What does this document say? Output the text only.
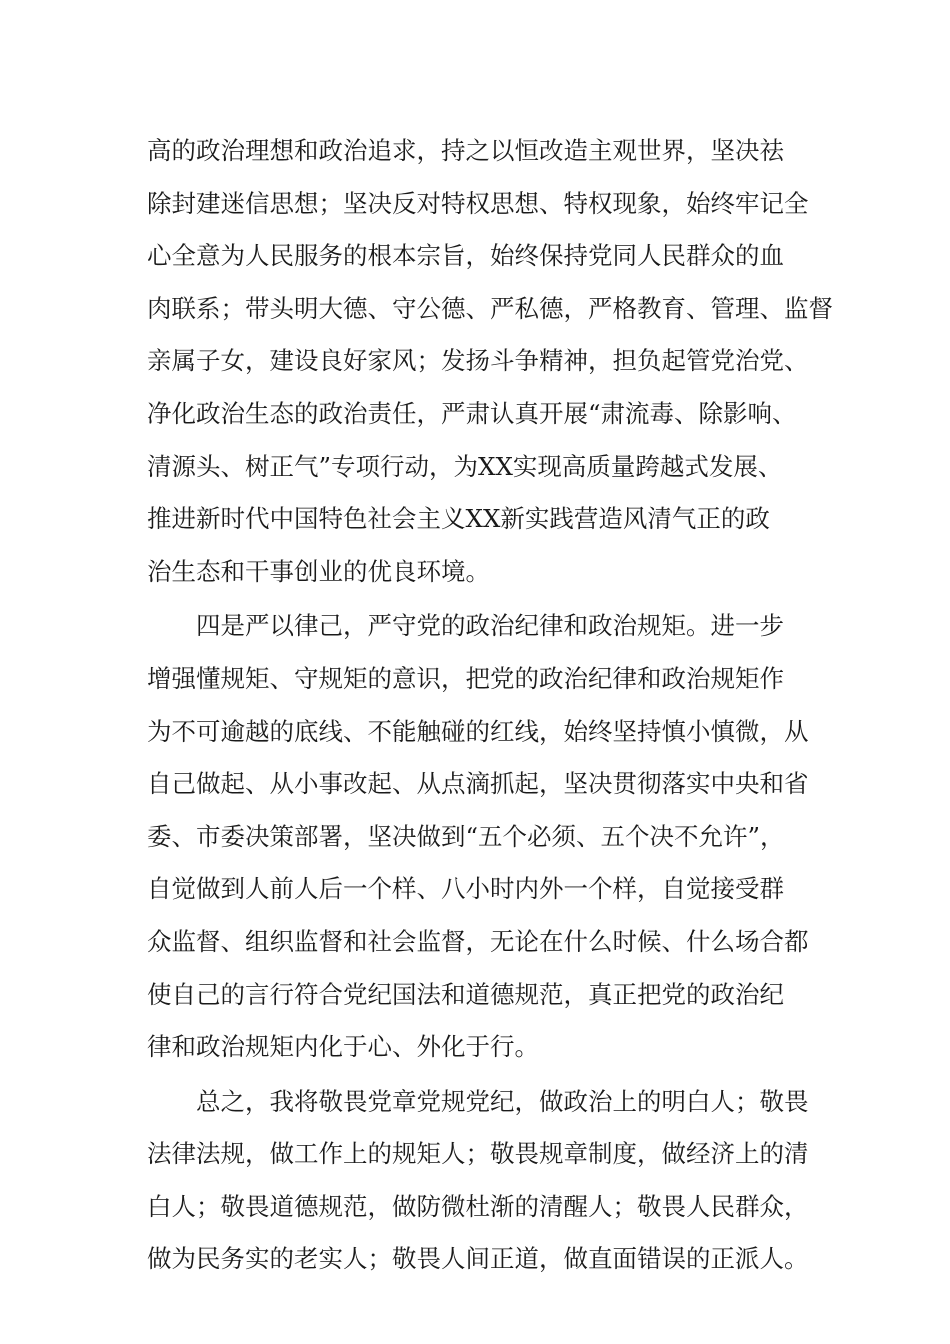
高的政治理想和政治追求，持之以恒改造主观世界，坚决祛
除封建迷信思想；坚决反对特权思想、特权现象，始终牢记全
心全意为人民服务的根本宗旨，始终保持党同人民群众的血
肉联系；带头明大德、守公德、严私德，严格教育、管理、监督
亲属子女，建设良好家风；发扬斗争精神，担负起管党治党、
净化政治生态的政治责任，严肃认真开展“肃流毒、除影响、
清源头、树正气”专项行动，为XX实现高质量跨越式发展、
推进新时代中国特色社会主义XX新实践营造风清气正的政
治生态和干事创业的优良环境。
四是严以律己，严守党的政治纪律和政治规矩。进一步
增强懂规矩、守规矩的意识，把党的政治纪律和政治规矩作
为不可逾越的底线、不能触碰的红线，始终坚持慎小慎微，从
自己做起、从小事改起、从点滴抓起，坚决贯彻落实中央和省
委、市委决策部署，坚决做到“五个必须、五个决不允许”，
自觉做到人前人后一个样、八小时内外一个样，自觉接受群
众监督、组织监督和社会监督，无论在什么时候、什么场合都
使自己的言行符合党纪国法和道德规范，真正把党的政治纪
律和政治规矩内化于心、外化于行。
总之，我将敬畏党章党规党纪，做政治上的明白人；敬畏
法律法规，做工作上的规矩人；敬畏规章制度，做经济上的清
白人；敬畏道德规范，做防微杜渐的清醒人；敬畏人民群众，
做为民务实的老实人；敬畏人间正道，做直面错误的正派人。
